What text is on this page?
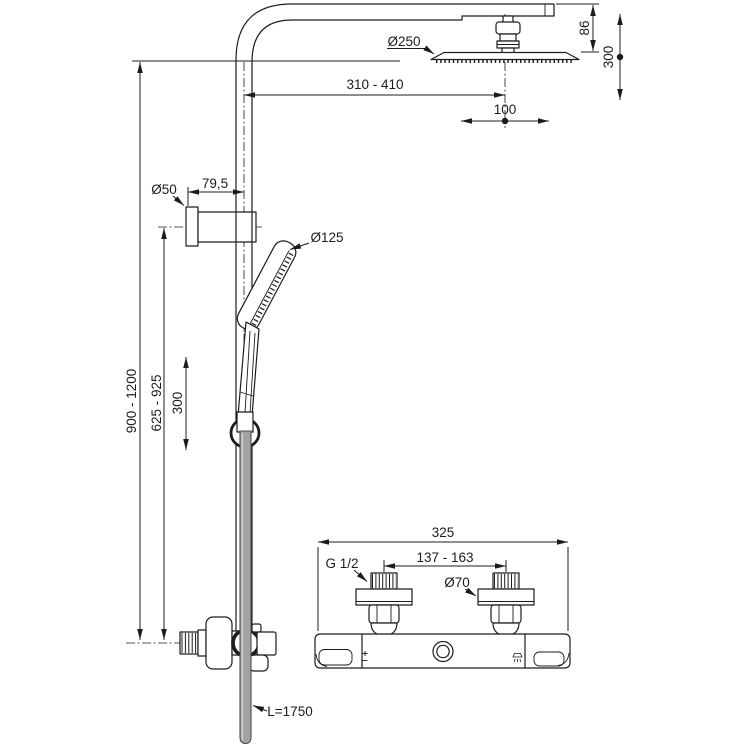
Ø250
86
300
310 - 410
100
900 - 1200 625 - 925 300
Ø50 79,5
Ø125
L=1750
325
137 - 163
G 1/2
Ø70
